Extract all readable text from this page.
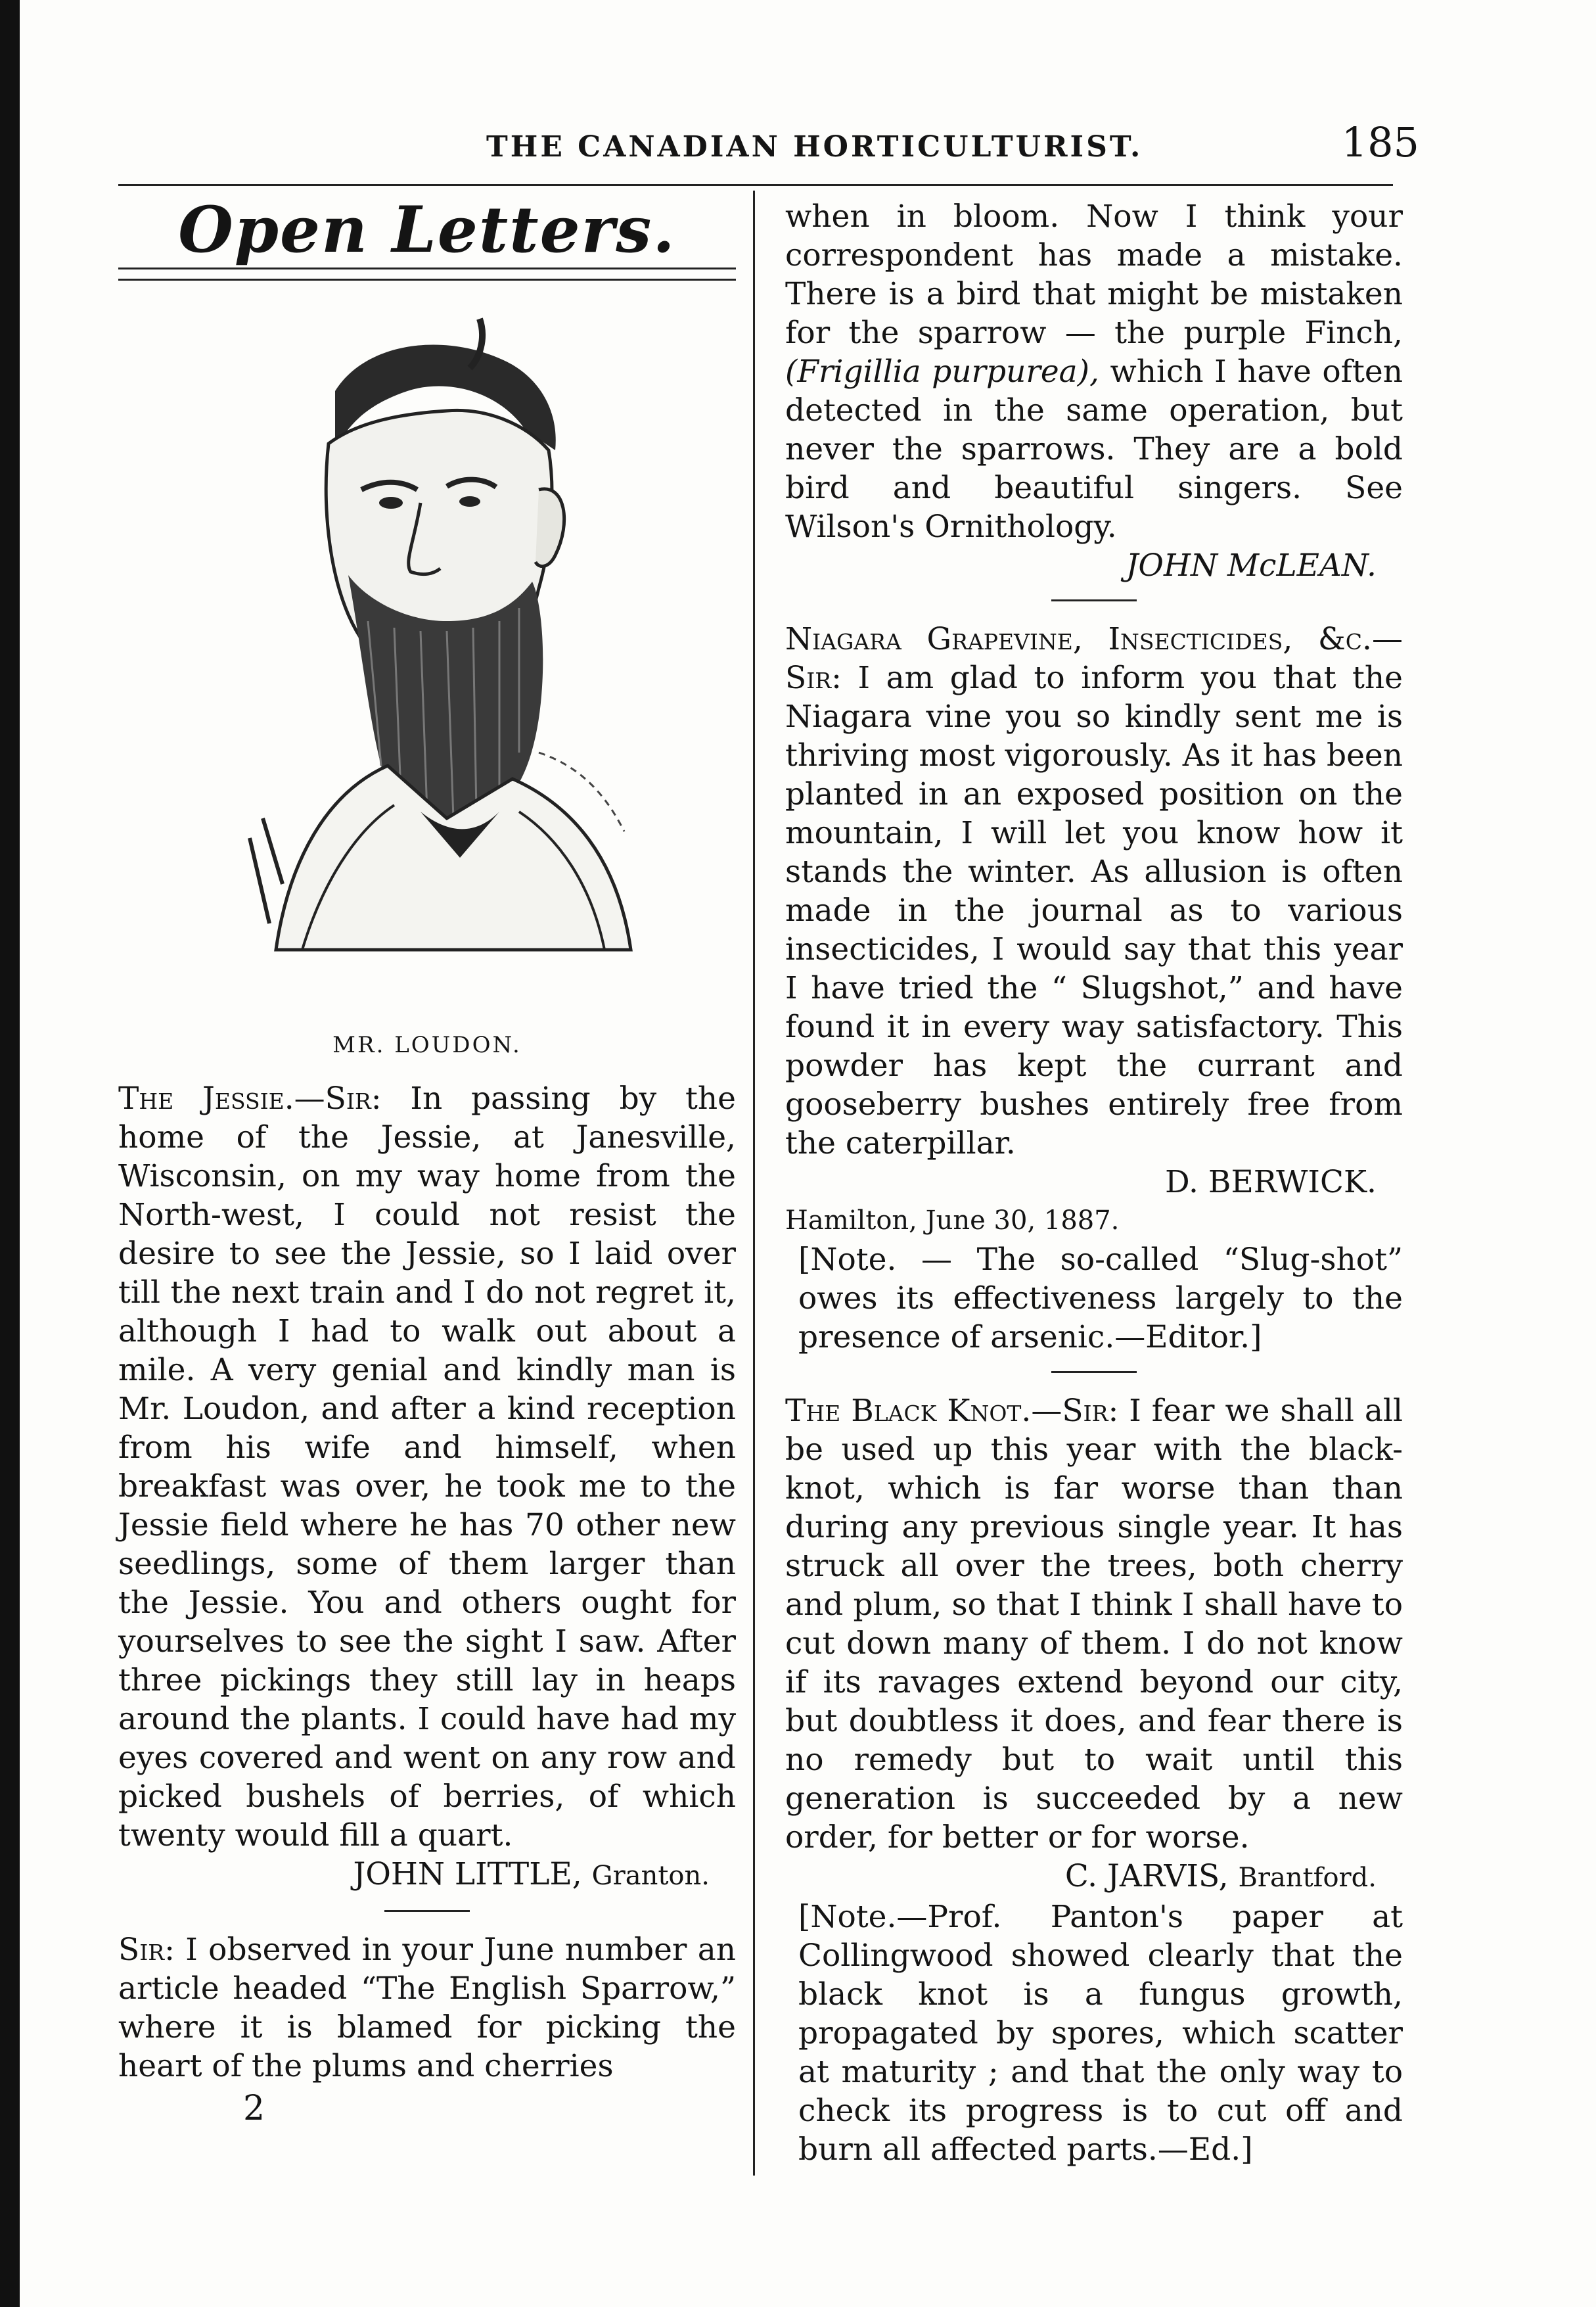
THE CANADIAN HORTICULTURIST.	185
Open Letters.
MR. LOUDON.

The Jessie.—Sir: In passing by the home of the Jessie, at Janesville, Wisconsin, on my way home from the North-west, I could not resist the desire to see the Jessie, so I laid over till the next train and I do not regret it, although I had to walk out about a mile. A very genial and kindly man is Mr. Loudon, and after a kind reception from his wife and himself, when breakfast was over, he took me to the Jessie field where he has 70 other new seedlings, some of them larger than the Jessie. You and others ought for yourselves to see the sight I saw. After three pickings they still lay in heaps around the plants. I could have had my eyes covered and went on any row and picked bushels of berries, of which twenty would fill a quart.

JOHN LITTLE, Granton.

Sir: I observed in your June number an article headed “The English Sparrow,” where it is blamed for picking the heart of the plums and cherries

2

when in bloom. Now I think your correspondent has made a mistake. There is a bird that might be mistaken for the sparrow — the purple Finch, (Frigillia purpurea), which I have often detected in the same operation, but never the sparrows. They are a bold bird and beautiful singers. See Wilson's Ornithology.

JOHN McLEAN.

Niagara Grapevine, Insecticides, &c.—Sir: I am glad to inform you that the Niagara vine you so kindly sent me is thriving most vigorously. As it has been planted in an exposed position on the mountain, I will let you know how it stands the winter. As allusion is often made in the journal as to various insecticides, I would say that this year I have tried the “ Slugshot,” and have found it in every way satisfactory. This powder has kept the currant and gooseberry bushes entirely free from the caterpillar.

D. BERWICK.

Hamilton, June 30, 1887.

[Note. — The so-called “Slug-shot” owes its effectiveness largely to the presence of arsenic.—Editor.]

The Black Knot.—Sir: I fear we shall all be used up this year with the black-knot, which is far worse than than during any previous single year. It has struck all over the trees, both cherry and plum, so that I think I shall have to cut down many of them. I do not know if its ravages extend beyond our city, but doubtless it does, and fear there is no remedy but to wait until this generation is succeeded by a new order, for better or for worse.

C. JARVIS, Brantford.

[Note.—Prof. Panton's paper at Collingwood showed clearly that the black knot is a fungus growth, propagated by spores, which scatter at maturity ; and that the only way to check its progress is to cut off and burn all affected parts.—Ed.]
